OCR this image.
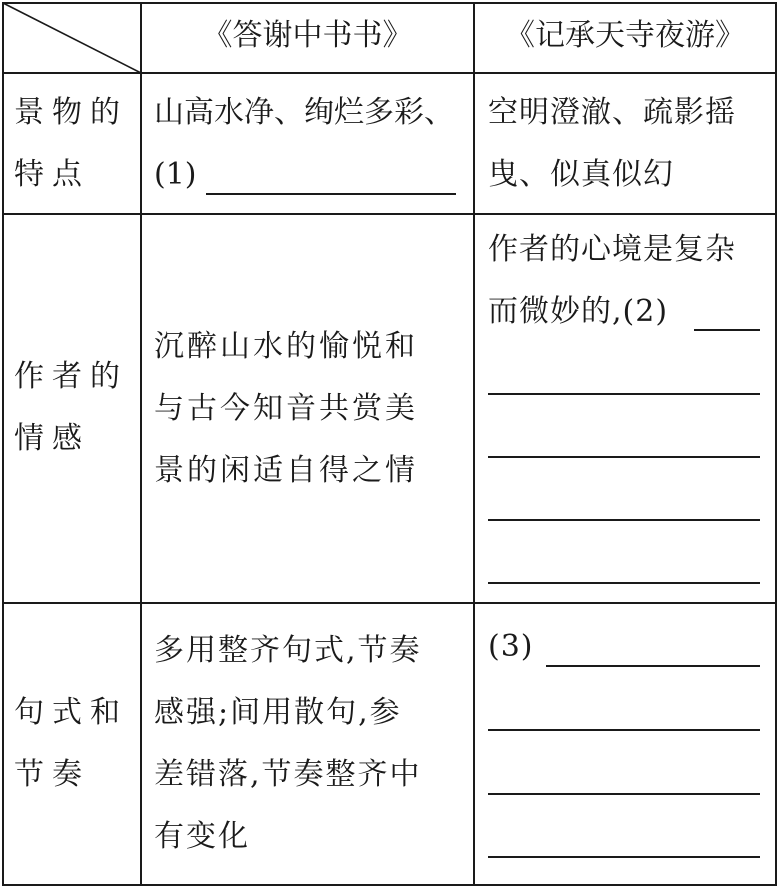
《答谢中书书》	《记承天寺夜游》

景物的

特点

山高水净、绚烂多彩、

(1)

空明澄澈、疏影摇

曳、似真似幻

作者的

情感

沉醉山水的愉悦和

与古今知音共赏美

景的闲适自得之情

作者的心境是复杂

而微妙的,(2)

句式和

节奏

多用整齐句式,节奏

感强;间用散句,参

差错落,节奏整齐中

有变化

(3)
